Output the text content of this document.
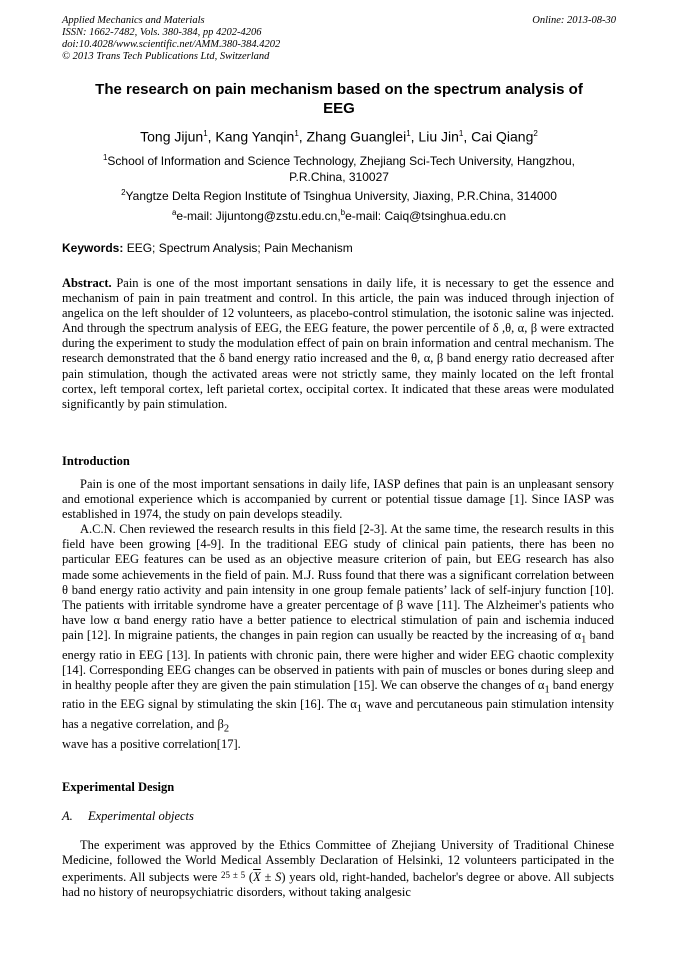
Applied Mechanics and Materials
ISSN: 1662-7482, Vols. 380-384, pp 4202-4206
doi:10.4028/www.scientific.net/AMM.380-384.4202
© 2013 Trans Tech Publications Ltd, Switzerland
Online: 2013-08-30
The research on pain mechanism based on the spectrum analysis of
EEG
Tong Jijun$^1$, Kang Yanqin$^1$, Zhang Guanglei$^1$, Liu Jin$^1$, Cai Qiang$^2$
$^1$School of Information and Science Technology, Zhejiang Sci-Tech University, Hangzhou,
P.R.China, 310027
$^2$Yangtze Delta Region Institute of Tsinghua University, Jiaxing, P.R.China, 314000
$^a$e-mail: Jijuntong@zstu.edu.cn,$^b$e-mail: Caiq@tsinghua.edu.cn
Keywords: EEG; Spectrum Analysis; Pain Mechanism

Abstract. Pain is one of the most important sensations in daily life, it is necessary to get the essence and mechanism of pain in pain treatment and control. In this article, the pain was induced through injection of angelica on the left shoulder of 12 volunteers, as placebo-control stimulation, the isotonic saline was injected. And through the spectrum analysis of EEG, the EEG feature, the power percentile of δ ,θ, α, β were extracted during the experiment to study the modulation effect of pain on brain information and central mechanism. The research demonstrated that the δ band energy ratio increased and the θ, α, β band energy ratio decreased after pain stimulation, though the activated areas were not strictly same, they mainly located on the left frontal cortex, left temporal cortex, left parietal cortex, occipital cortex. It indicated that these areas were modulated significantly by pain stimulation.

Introduction

Pain is one of the most important sensations in daily life, IASP defines that pain is an unpleasant sensory and emotional experience which is accompanied by current or potential tissue damage [1]. Since IASP was established in 1974, the study on pain develops steadily.

A.C.N. Chen reviewed the research results in this field [2-3]. At the same time, the research results in this field have been growing [4-9]. In the traditional EEG study of clinical pain patients, there has been no particular EEG features can be used as an objective measure criterion of pain, but EEG research has also made some achievements in the field of pain. M.J. Russ found that there was a significant correlation between θ band energy ratio activity and pain intensity in one group female patients’ lack of self-injury function [10]. The patients with irritable syndrome have a greater percentage of β wave [11]. The Alzheimer's patients who have low α band energy ratio have a better patience to electrical stimulation of pain and ischemia induced pain [12]. In migraine patients, the changes in pain region can usually be reacted by the increasing of $\alpha_1$ band energy ratio in EEG [13]. In patients with chronic pain, there were higher and wider EEG chaotic complexity [14]. Corresponding EEG changes can be observed in patients with pain of muscles or bones during sleep and in healthy people after they are given the pain stimulation [15]. We can observe the changes of $\alpha_1$ band energy ratio in the EEG signal by stimulating the skin [16]. The $\alpha_1$ wave and percutaneous pain stimulation intensity has a negative correlation, and $\beta_2$

wave has a positive correlation[17].

Experimental Design
A. Experimental objects

The experiment was approved by the Ethics Committee of Zhejiang University of Traditional Chinese Medicine, followed the World Medical Assembly Declaration of Helsinki, 12 volunteers participated in the experiments. All subjects were $^{25 \pm 5}$ $(\overline{X} \pm S)$ years old, right-handed, bachelor's degree or above. All subjects had no history of neuropsychiatric disorders, without taking analgesic
